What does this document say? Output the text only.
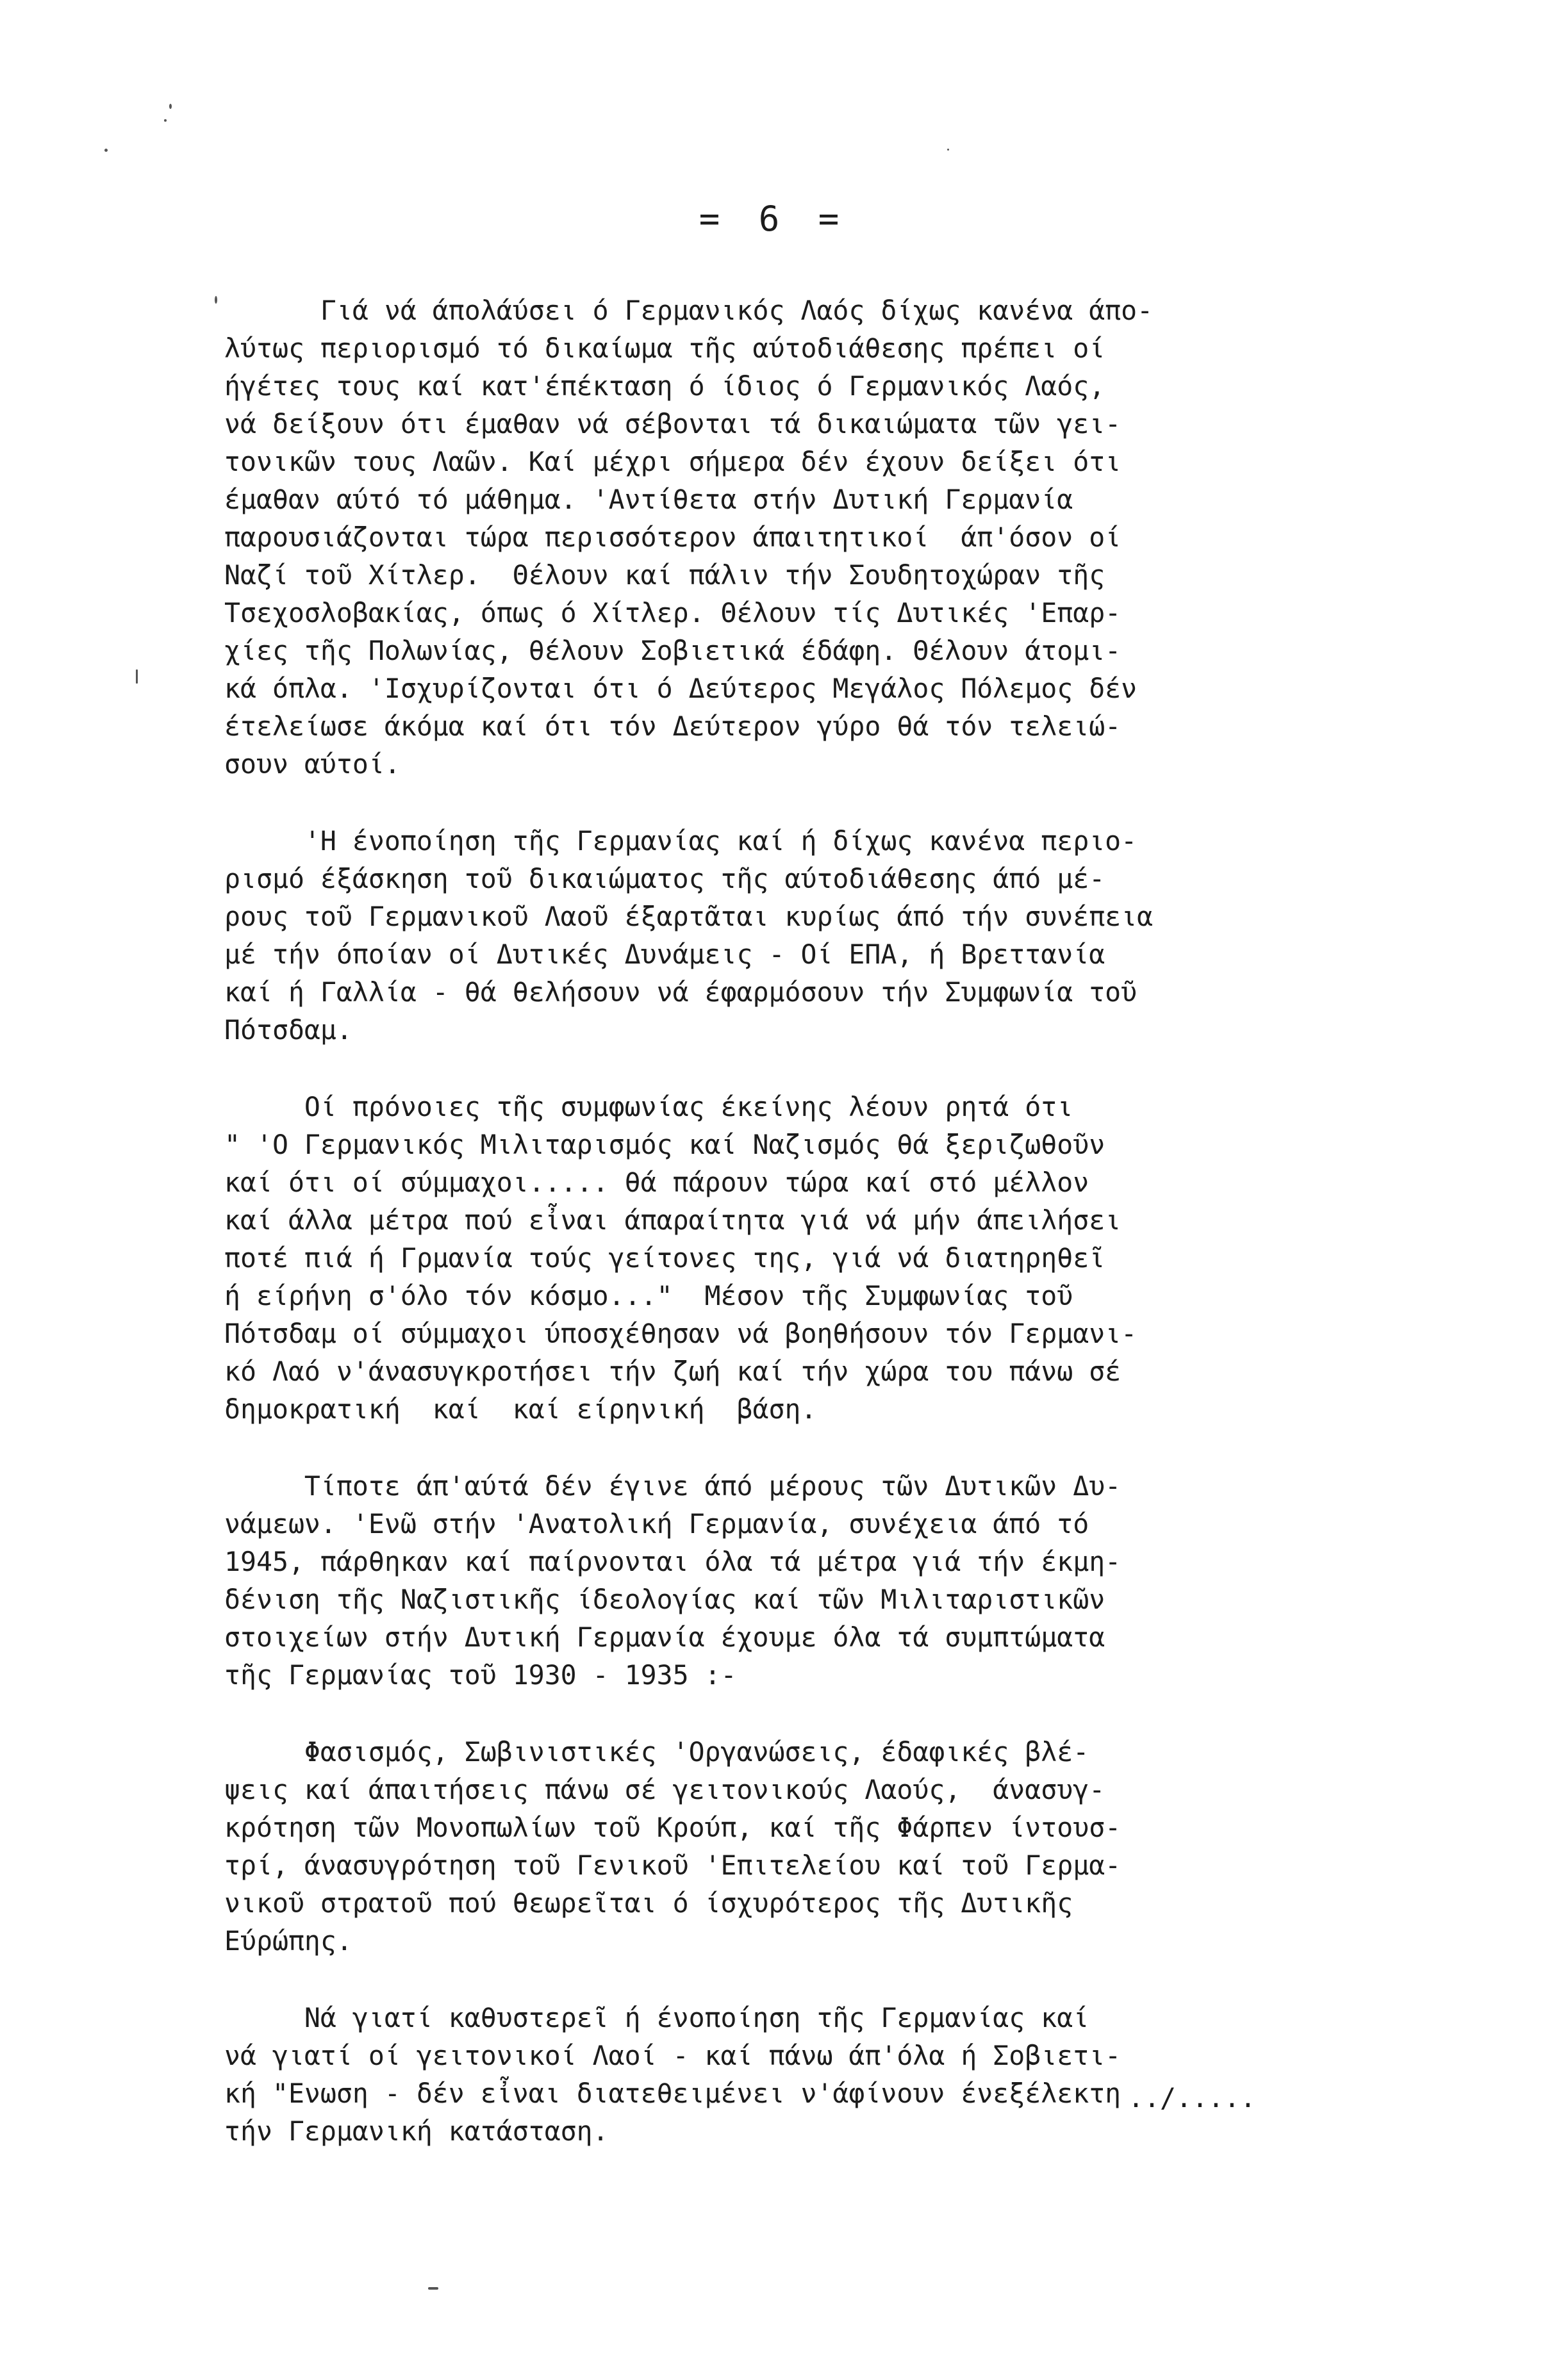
= 6 =

Γιά νά άπολάύσει ό Γερμανικός Λαός δίχως κανένα άπο-
λύτως περιορισμό τό δικαίωμα τῆς αύτοδιάθεσης πρέπει οί
ήγέτες τους καί κατ'έπέκταση ό ίδιος ό Γερμανικός Λαός,
νά δείξουν ότι έμαθαν νά σέβονται τά δικαιώματα τῶν γει-
τονικῶν τους Λαῶν. Καί μέχρι σήμερα δέν έχουν δείξει ότι
έμαθαν αύτό τό μάθημα. 'Αντίθετα στήν Δυτική Γερμανία
παρουσιάζονται τώρα περισσότερον άπαιτητικοί  άπ'όσον οί
Ναζί τοῦ Χίτλερ.  Θέλουν καί πάλιν τήν Σουδητοχώραν τῆς
Τσεχοσλοβακίας, όπως ό Χίτλερ. Θέλουν τίς Δυτικές 'Επαρ-
χίες τῆς Πολωνίας, θέλουν Σοβιετικά έδάφη. Θέλουν άτομι-
κά όπλα. 'Ισχυρίζονται ότι ό Δεύτερος Μεγάλος Πόλεμος δέν
έτελείωσε άκόμα καί ότι τόν Δεύτερον γύρο θά τόν τελειώ-
σουν αύτοί.

'Η ένοποίηση τῆς Γερμανίας καί ή δίχως κανένα περιο-
ρισμό έξάσκηση τοῦ δικαιώματος τῆς αύτοδιάθεσης άπό μέ-
ρους τοῦ Γερμανικοῦ Λαοῦ έξαρτᾶται κυρίως άπό τήν συνέπεια
μέ τήν όποίαν οί Δυτικές Δυνάμεις - Οί ΕΠΑ, ή Βρεττανία
καί ή Γαλλία - θά θελήσουν νά έφαρμόσουν τήν Συμφωνία τοῦ
Πότσδαμ.

Οί πρόνοιες τῆς συμφωνίας έκείνης λέουν ρητά ότι
" 'Ο Γερμανικός Μιλιταρισμός καί Ναζισμός θά ξεριζωθοῦν
καί ότι οί σύμμαχοι..... θά πάρουν τώρα καί στό μέλλον
καί άλλα μέτρα πού εἶναι άπαραίτητα γιά νά μήν άπειλήσει
ποτέ πιά ή Γρμανία τούς γείτονες της, γιά νά διατηρηθεῖ
ή είρήνη σ'όλο τόν κόσμο..."  Μέσον τῆς Συμφωνίας τοῦ
Πότσδαμ οί σύμμαχοι ύποσχέθησαν νά βοηθήσουν τόν Γερμανι-
κό Λαό ν'άνασυγκροτήσει τήν ζωή καί τήν χώρα του πάνω σέ
δημοκρατική  καί  καί είρηνική  βάση.

Τίποτε άπ'αύτά δέν έγινε άπό μέρους τῶν Δυτικῶν Δυ-
νάμεων. 'Ενῶ στήν 'Ανατολική Γερμανία, συνέχεια άπό τό
1945, πάρθηκαν καί παίρνονται όλα τά μέτρα γιά τήν έκμη-
δένιση τῆς Ναζιστικῆς ίδεολογίας καί τῶν Μιλιταριστικῶν
στοιχείων στήν Δυτική Γερμανία έχουμε όλα τά συμπτώματα
τῆς Γερμανίας τοῦ 1930 - 1935 :-

Φασισμός, Σωβινιστικές 'Οργανώσεις, έδαφικές βλέ-
ψεις καί άπαιτήσεις πάνω σέ γειτονικούς Λαούς,  άνασυγ-
κρότηση τῶν Μονοπωλίων τοῦ Κρούπ, καί τῆς Φάρπεν ίντουσ-
τρί, άνασυγρότηση τοῦ Γενικοῦ 'Επιτελείου καί τοῦ Γερμα-
νικοῦ στρατοῦ πού θεωρεῖται ό ίσχυρότερος τῆς Δυτικῆς
Εύρώπης.

Νά γιατί καθυστερεῖ ή ένοποίηση τῆς Γερμανίας καί
νά γιατί οί γειτονικοί Λαοί - καί πάνω άπ'όλα ή Σοβιετι-
κή "Ενωση - δέν εἶναι διατεθειμένει ν'άφίνουν ένεξέλεκτη
τήν Γερμανική κατάσταση.

../.....
